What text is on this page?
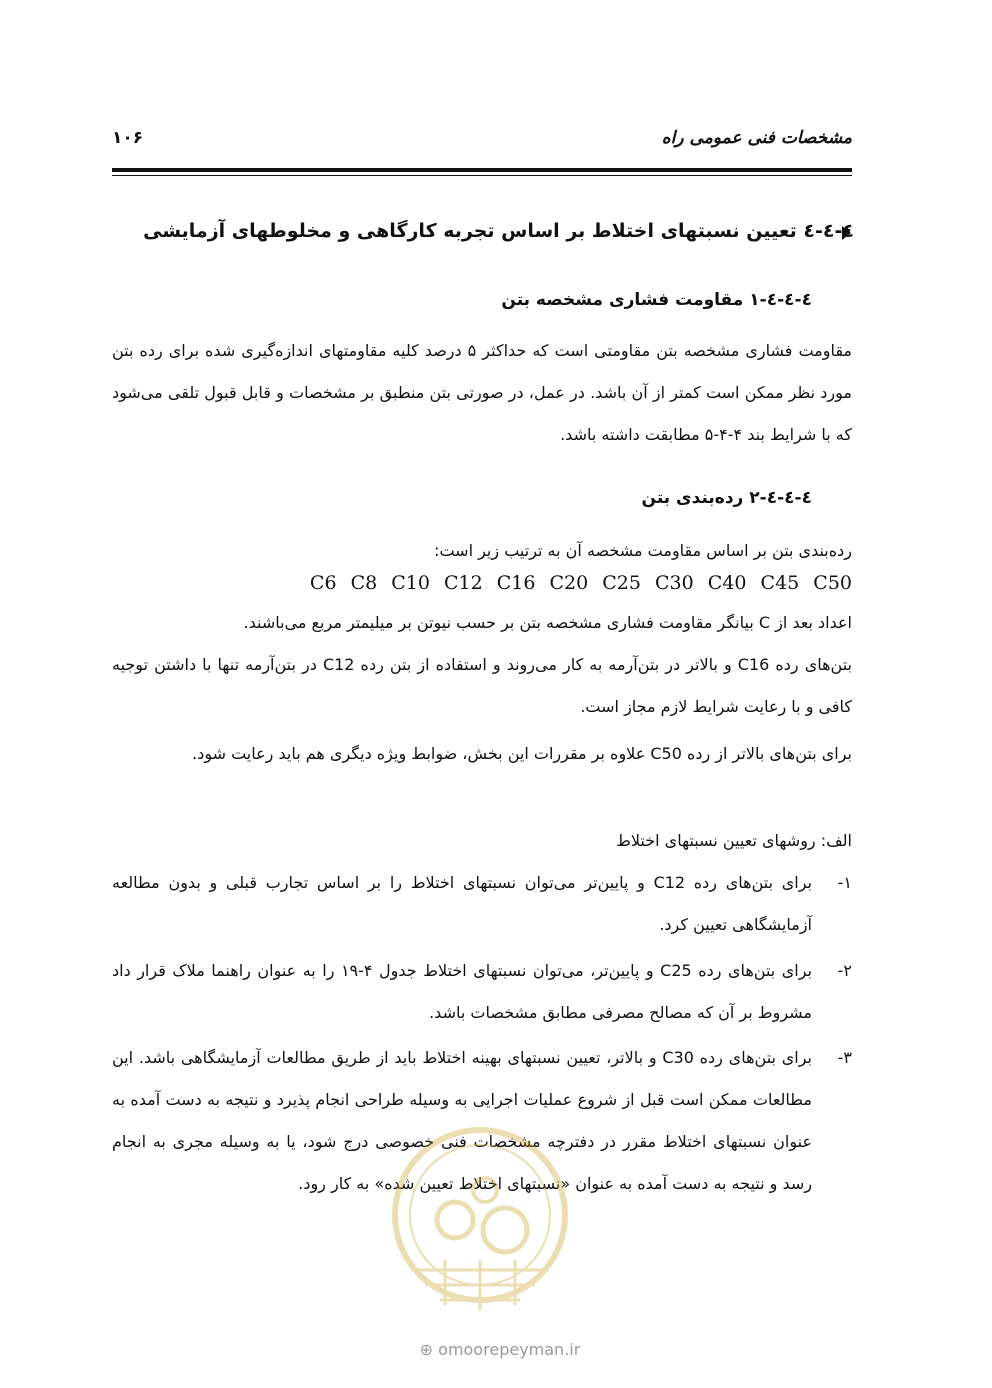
مشخصات فنی عمومی راه
۱۰۶
٤-٤-٤ تعیین نسبتهای اختلاط بر اساس تجربه کارگاهی و مخلوطهای آزمایشی
٤-٤-٤-١ مقاومت فشاری مشخصه بتن
مقاومت فشاری مشخصه بتن مقاومتی است که حداکثر ۵ درصد کلیه مقاومتهای اندازه‌گیری شده برای رده بتن مورد نظر ممکن است کمتر از آن باشد. در عمل، در صورتی بتن منطبق بر مشخصات و قابل قبول تلقی می‌شود که با شرایط بند ۴-۴-۵ مطابقت داشته باشد.
٤-٤-٤-٢ رده‌بندی بتن
رده‌بندی بتن بر اساس مقاومت مشخصه آن به ترتیب زیر است:
C6 C8 C10 C12 C16 C20 C25 C30 C40 C45 C50
اعداد بعد از C بیانگر مقاومت فشاری مشخصه بتن بر حسب نیوتن بر میلیمتر مربع می‌باشند.
بتن‌های رده C16 و بالاتر در بتن‌آرمه به کار می‌روند و استفاده از بتن رده C12 در بتن‌آرمه تنها با داشتن توجیه کافی و با رعایت شرایط لازم مجاز است.
برای بتن‌های بالاتر از رده C50 علاوه بر مقررات این بخش، ضوابط ویژه دیگری هم باید رعایت شود.
الف: روشهای تعیین نسبتهای اختلاط
۱-
برای بتن‌های رده C12 و پایین‌تر می‌توان نسبتهای اختلاط را بر اساس تجارب قبلی و بدون مطالعه آزمایشگاهی تعیین کرد.
۲-
برای بتن‌های رده C25 و پایین‌تر، می‌توان نسبتهای اختلاط جدول ۴-۱۹ را به عنوان راهنما ملاک قرار داد مشروط بر آن که مصالح مصرفی مطابق مشخصات باشد.
۳-
برای بتن‌های رده C30 و بالاتر، تعیین نسبتهای بهینه اختلاط باید از طریق مطالعات آزمایشگاهی باشد. این مطالعات ممکن است قبل از شروع عملیات اجرایی به وسیله طراحی انجام پذیرد و نتیجه به دست آمده به عنوان نسبتهای اختلاط مقرر در دفترچه مشخصات فنی خصوصی درج شود، یا به وسیله مجری به انجام رسد و نتیجه به دست آمده به عنوان «نسبتهای اختلاط تعیین شده» به کار رود.
⊕ omoorepeyman.ir
